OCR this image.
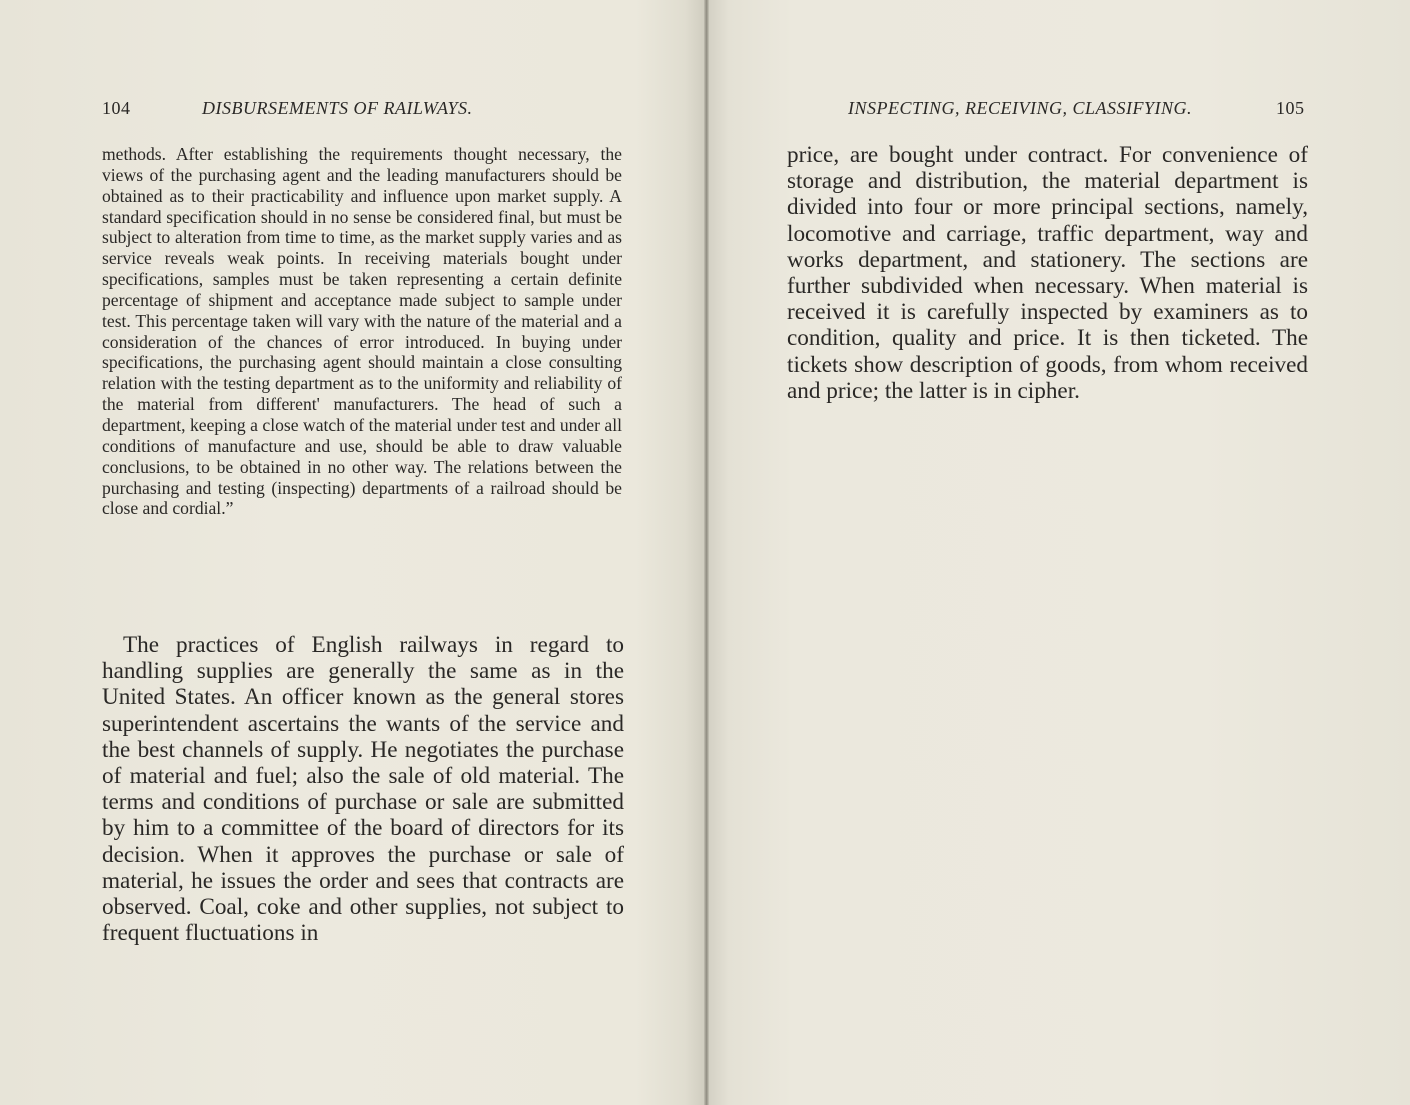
104	DISBURSEMENTS OF RAILWAYS.

methods. After establishing the requirements thought necessary, the views of the purchasing agent and the leading manufacturers should be obtained as to their practicability and influence upon market supply. A standard specification should in no sense be considered final, but must be subject to alteration from time to time, as the market supply varies and as service reveals weak points. In receiving materials bought under specifications, samples must be taken representing a certain definite percentage of shipment and acceptance made subject to sample under test. This percentage taken will vary with the nature of the material and a consideration of the chances of error introduced. In buying under specifications, the purchasing agent should maintain a close consulting relation with the testing department as to the uniformity and reliability of the material from different' manufacturers. The head of such a department, keeping a close watch of the material under test and under all conditions of manufacture and use, should be able to draw valuable conclusions, to be obtained in no other way. The relations between the purchasing and testing (inspecting) departments of a railroad should be close and cordial.”

The practices of English railways in regard to handling supplies are generally the same as in the United States. An officer known as the general stores superintendent ascertains the wants of the service and the best channels of supply. He negotiates the purchase of material and fuel; also the sale of old material. The terms and conditions of purchase or sale are submitted by him to a committee of the board of directors for its decision. When it approves the purchase or sale of material, he issues the order and sees that contracts are observed. Coal, coke and other supplies, not subject to frequent fluctuations in

INSPECTING, RECEIVING, CLASSIFYING.	105

price, are bought under contract. For convenience of storage and distribution, the material department is divided into four or more principal sections, namely, locomotive and carriage, traffic department, way and works department, and stationery. The sections are further subdivided when necessary. When material is received it is carefully inspected by examiners as to condition, quality and price. It is then ticketed. The tickets show description of goods, from whom received and price; the latter is in cipher.
